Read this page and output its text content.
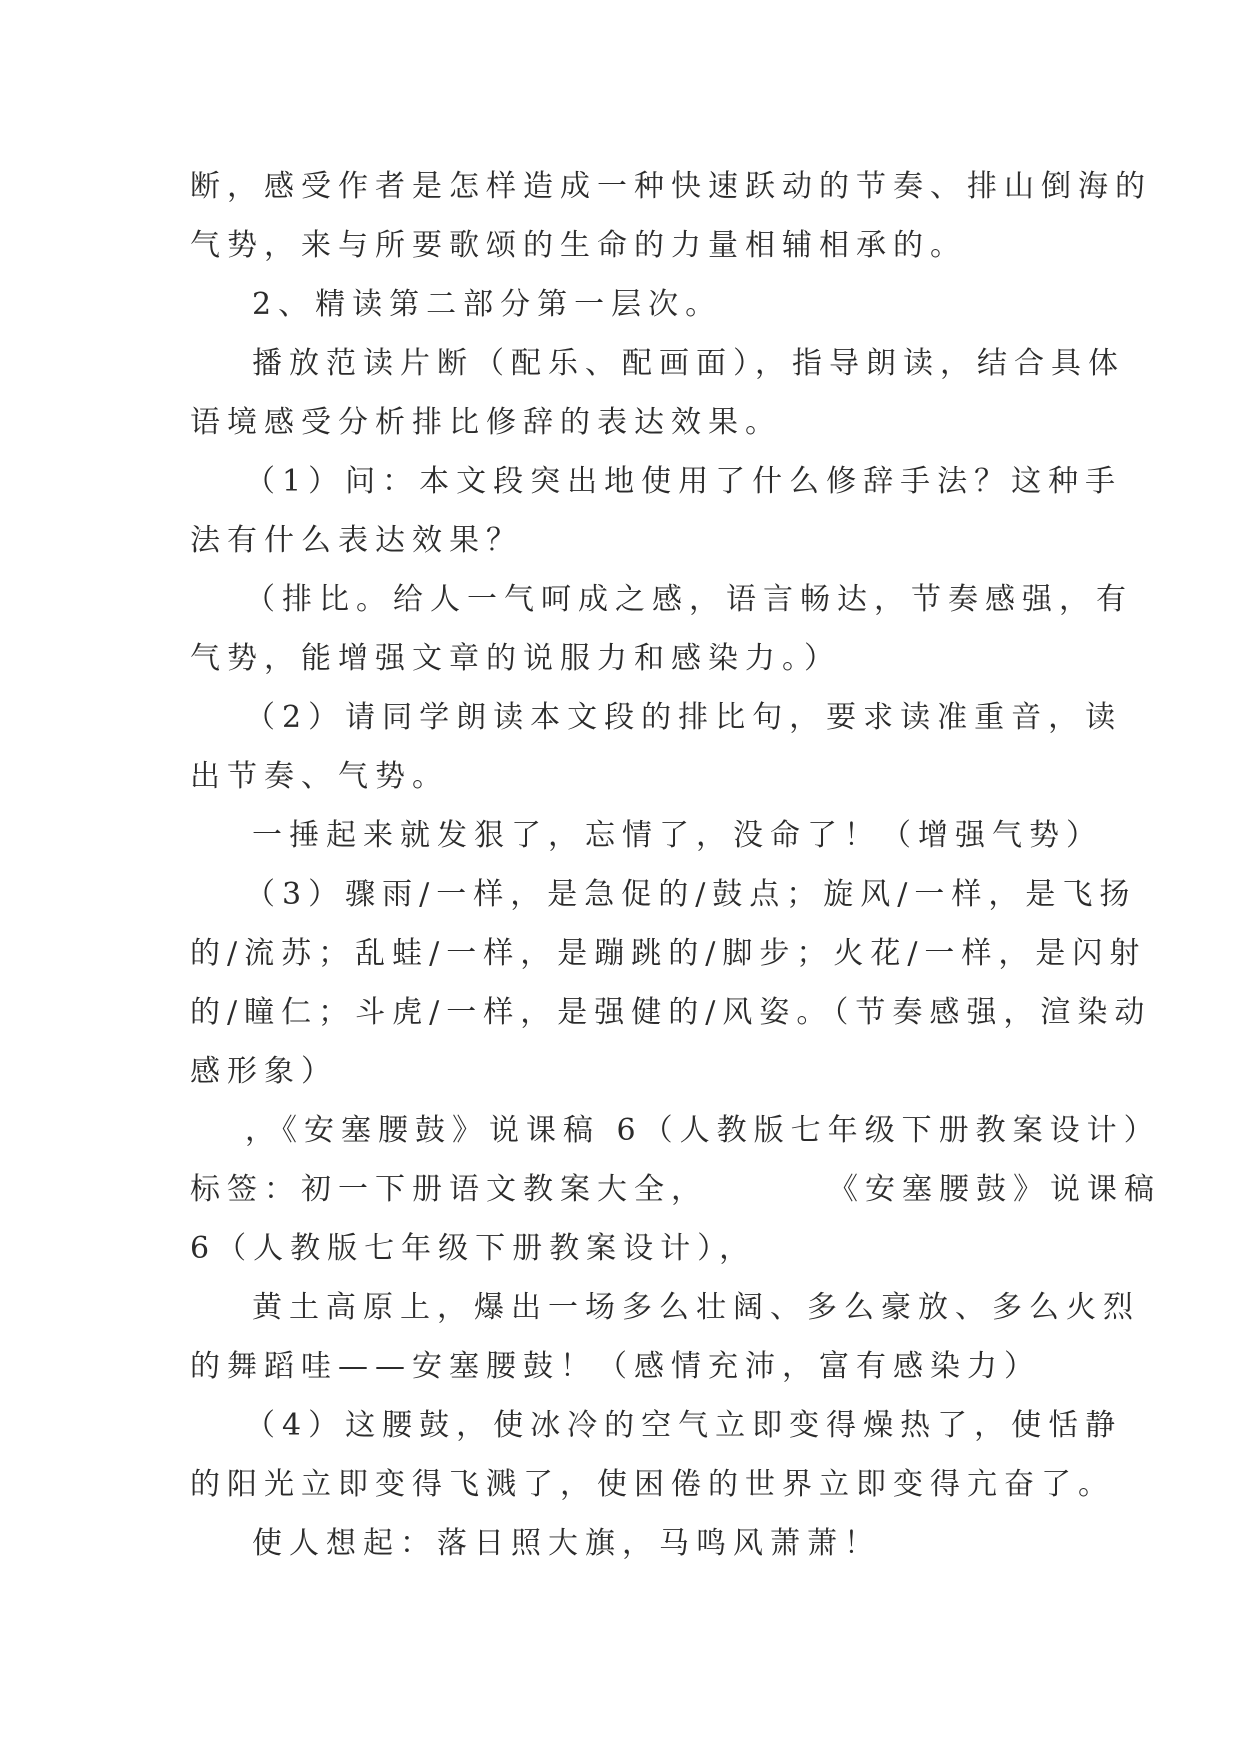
断，感受作者是怎样造成一种快速跃动的节奏、排山倒海的
气势，来与所要歌颂的生命的力量相辅相承的。
2、精读第二部分第一层次。
播放范读片断（配乐、配画面），指导朗读，结合具体
语境感受分析排比修辞的表达效果。
（1）问：本文段突出地使用了什么修辞手法？这种手
法有什么表达效果？
（排比。给人一气呵成之感，语言畅达，节奏感强，有
气势，能增强文章的说服力和感染力。）
（2）请同学朗读本文段的排比句，要求读准重音，读
出节奏、气势。
一捶起来就发狠了，忘情了，没命了！（增强气势）
（3）骤雨/一样，是急促的/鼓点；旋风/一样，是飞扬
的/流苏；乱蛙/一样，是蹦跳的/脚步；火花/一样，是闪射
的/瞳仁；斗虎/一样，是强健的/风姿。（节奏感强，渲染动
感形象）
，《安塞腰鼓》说课稿 6（人教版七年级下册教案设计）
标签：初一下册语文教案大全，	《安塞腰鼓》说课稿
6（人教版七年级下册教案设计），
黄土高原上，爆出一场多么壮阔、多么豪放、多么火烈
的舞蹈哇——安塞腰鼓！（感情充沛，富有感染力）
（4）这腰鼓，使冰冷的空气立即变得燥热了，使恬静
的阳光立即变得飞溅了，使困倦的世界立即变得亢奋了。
使人想起：落日照大旗，马鸣风萧萧！
